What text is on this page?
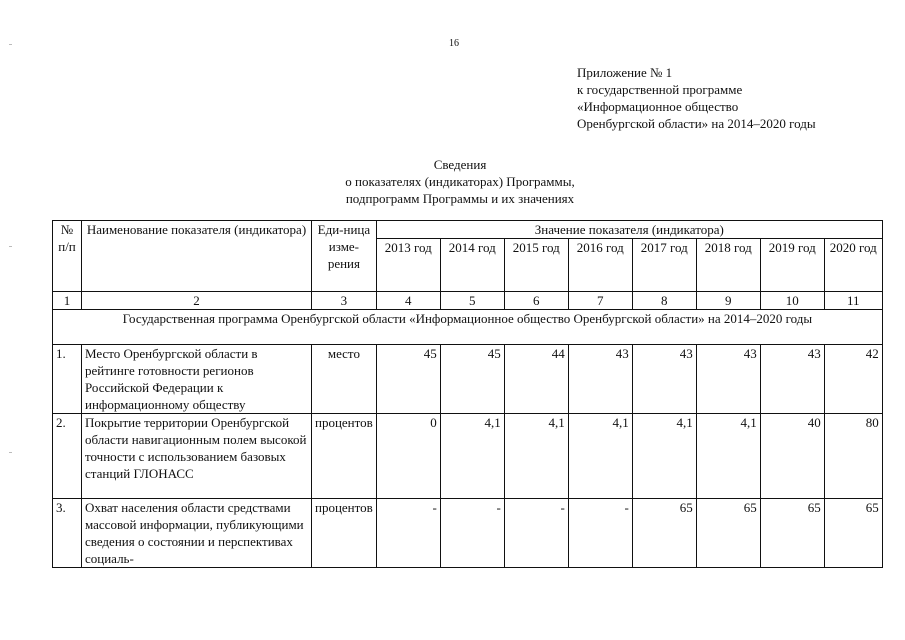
16
Приложение № 1
к государственной программе
«Информационное общество
Оренбургской области» на 2014–2020 годы
Сведения
о показателях (индикаторах) Программы,
подпрограмм Программы и их значениях
№ п/п	Наименование показателя (индикатора)	Еди-ница изме-рения	Значение показателя (индикатора)							
			2013 год	2014 год	2015 год	2016 год	2017 год	2018 год	2019 год	2020 год
1	2	3	4	5	6	7	8	9	10	11
Государственная программа Оренбургской области «Информационное общество Оренбургской области» на 2014–2020 годы										
1.	Место Оренбургской области в рейтинге готовности регионов Российской Федерации к информационному обществу	место	45	45	44	43	43	43	43	42
2.	Покрытие территории Оренбургской области навигационным полем высокой точности с использованием базовых станций ГЛОНАСС	процентов	0	4,1	4,1	4,1	4,1	4,1	40	80
3.	Охват населения области средствами массовой информации, публикующими сведения о состоянии и перспективах социаль-	процентов	-	-	-	-	65	65	65	65
